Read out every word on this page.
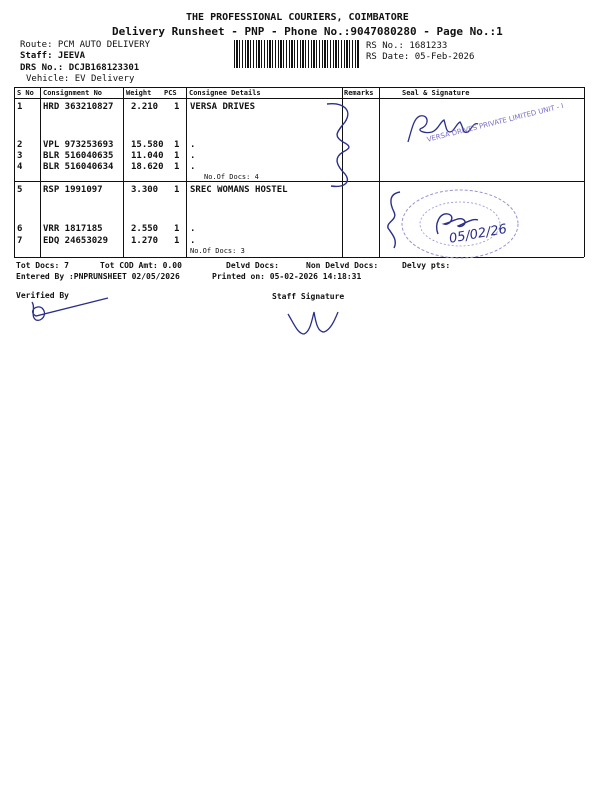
THE PROFESSIONAL COURIERS, COIMBATORE
Delivery Runsheet - PNP - Phone No.:9047080280 - Page No.:1
Route: PCM AUTO DELIVERY
Staff: JEEVA
DRS No.: DCJB168123301
Vehicle: EV Delivery
RS No.: 1681233
RS Date: 05-Feb-2026
S No Consignment No	Weight PCS Consignee Details	Remarks	Seal & Signature
1 HRD 363210827 2.210 1 VERSA DRIVES
2 VPL 973253693 15.580 1 .
3 BLR 516040635 11.040 1 .
4 BLR 516040634 18.620 1 .
No.Of Docs: 4
5 RSP 1991097	3.300 1 SREC WOMANS HOSTEL
6 VRR 1817185	2.550 1 .
7 EDQ 24653029	1.270 1 .
No.Of Docs: 3
VERSA DRIVES PRIVATE LIMITED UNIT - I
05/02/26
Tot Docs: 7	Tot COD Amt: 0.00	Delvd Docs:	Non Delvd Docs:	Delvy pts:
Entered By :PNPRUNSHEET 02/05/2026	Printed on: 05-02-2026 14:18:31
Verified By	Staff Signature
